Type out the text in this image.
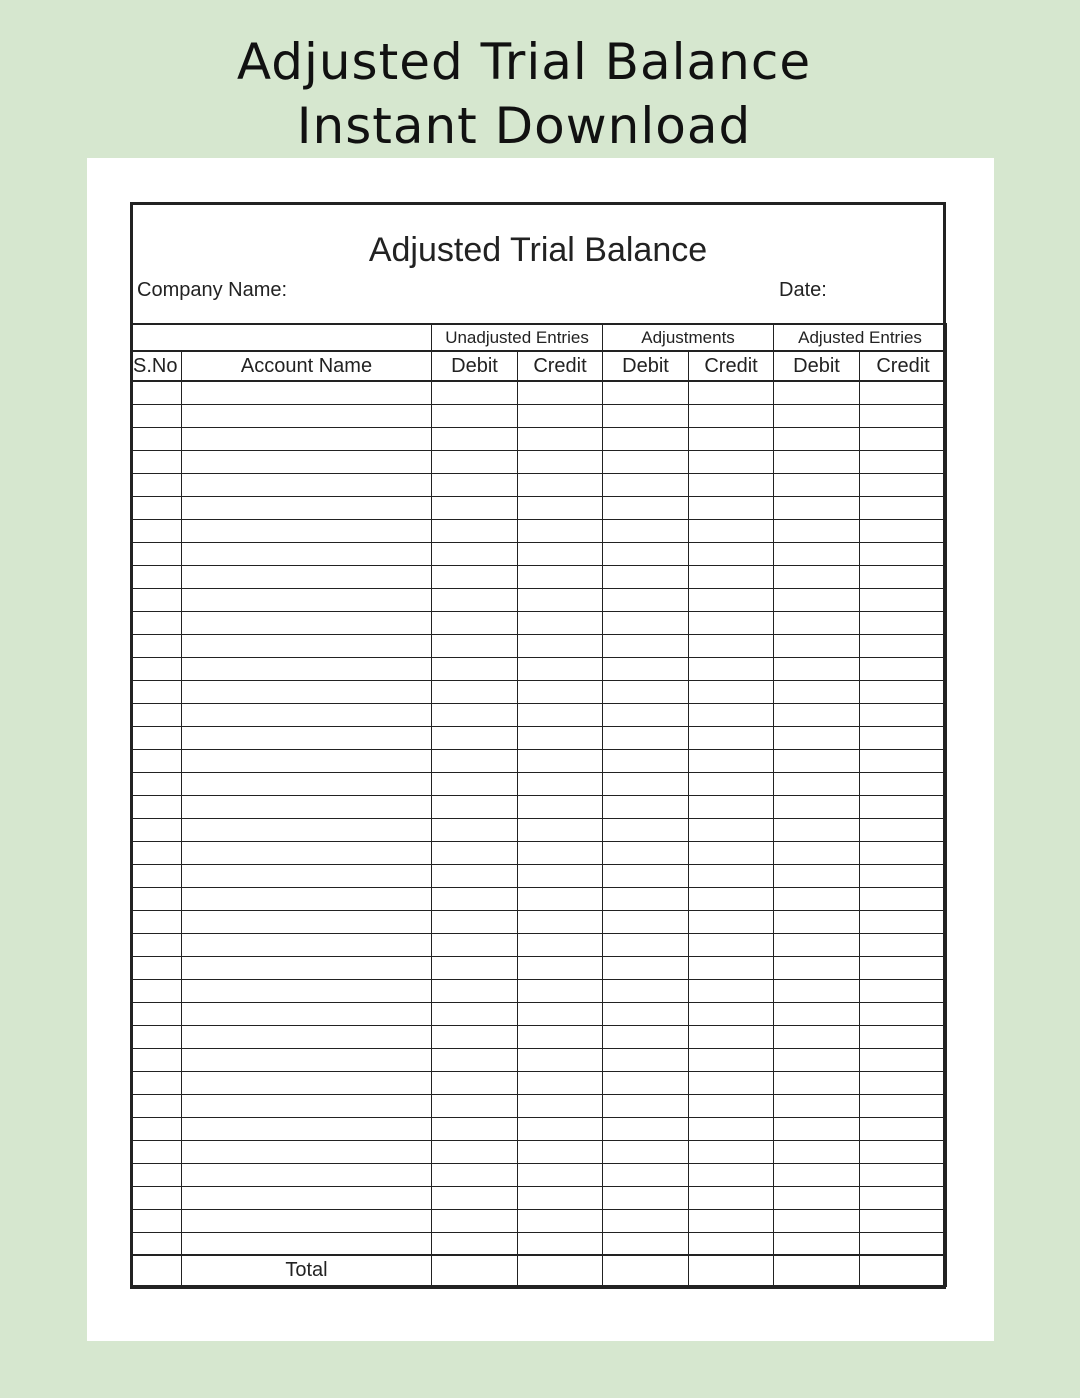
Adjusted Trial Balance
Instant Download
Adjusted Trial Balance
Company Name:	Date:
		Unadjusted Entries		Adjustments		Adjusted Entries	
S.No	Account Name	Debit	Credit	Debit	Credit	Debit	Credit

	Total						
